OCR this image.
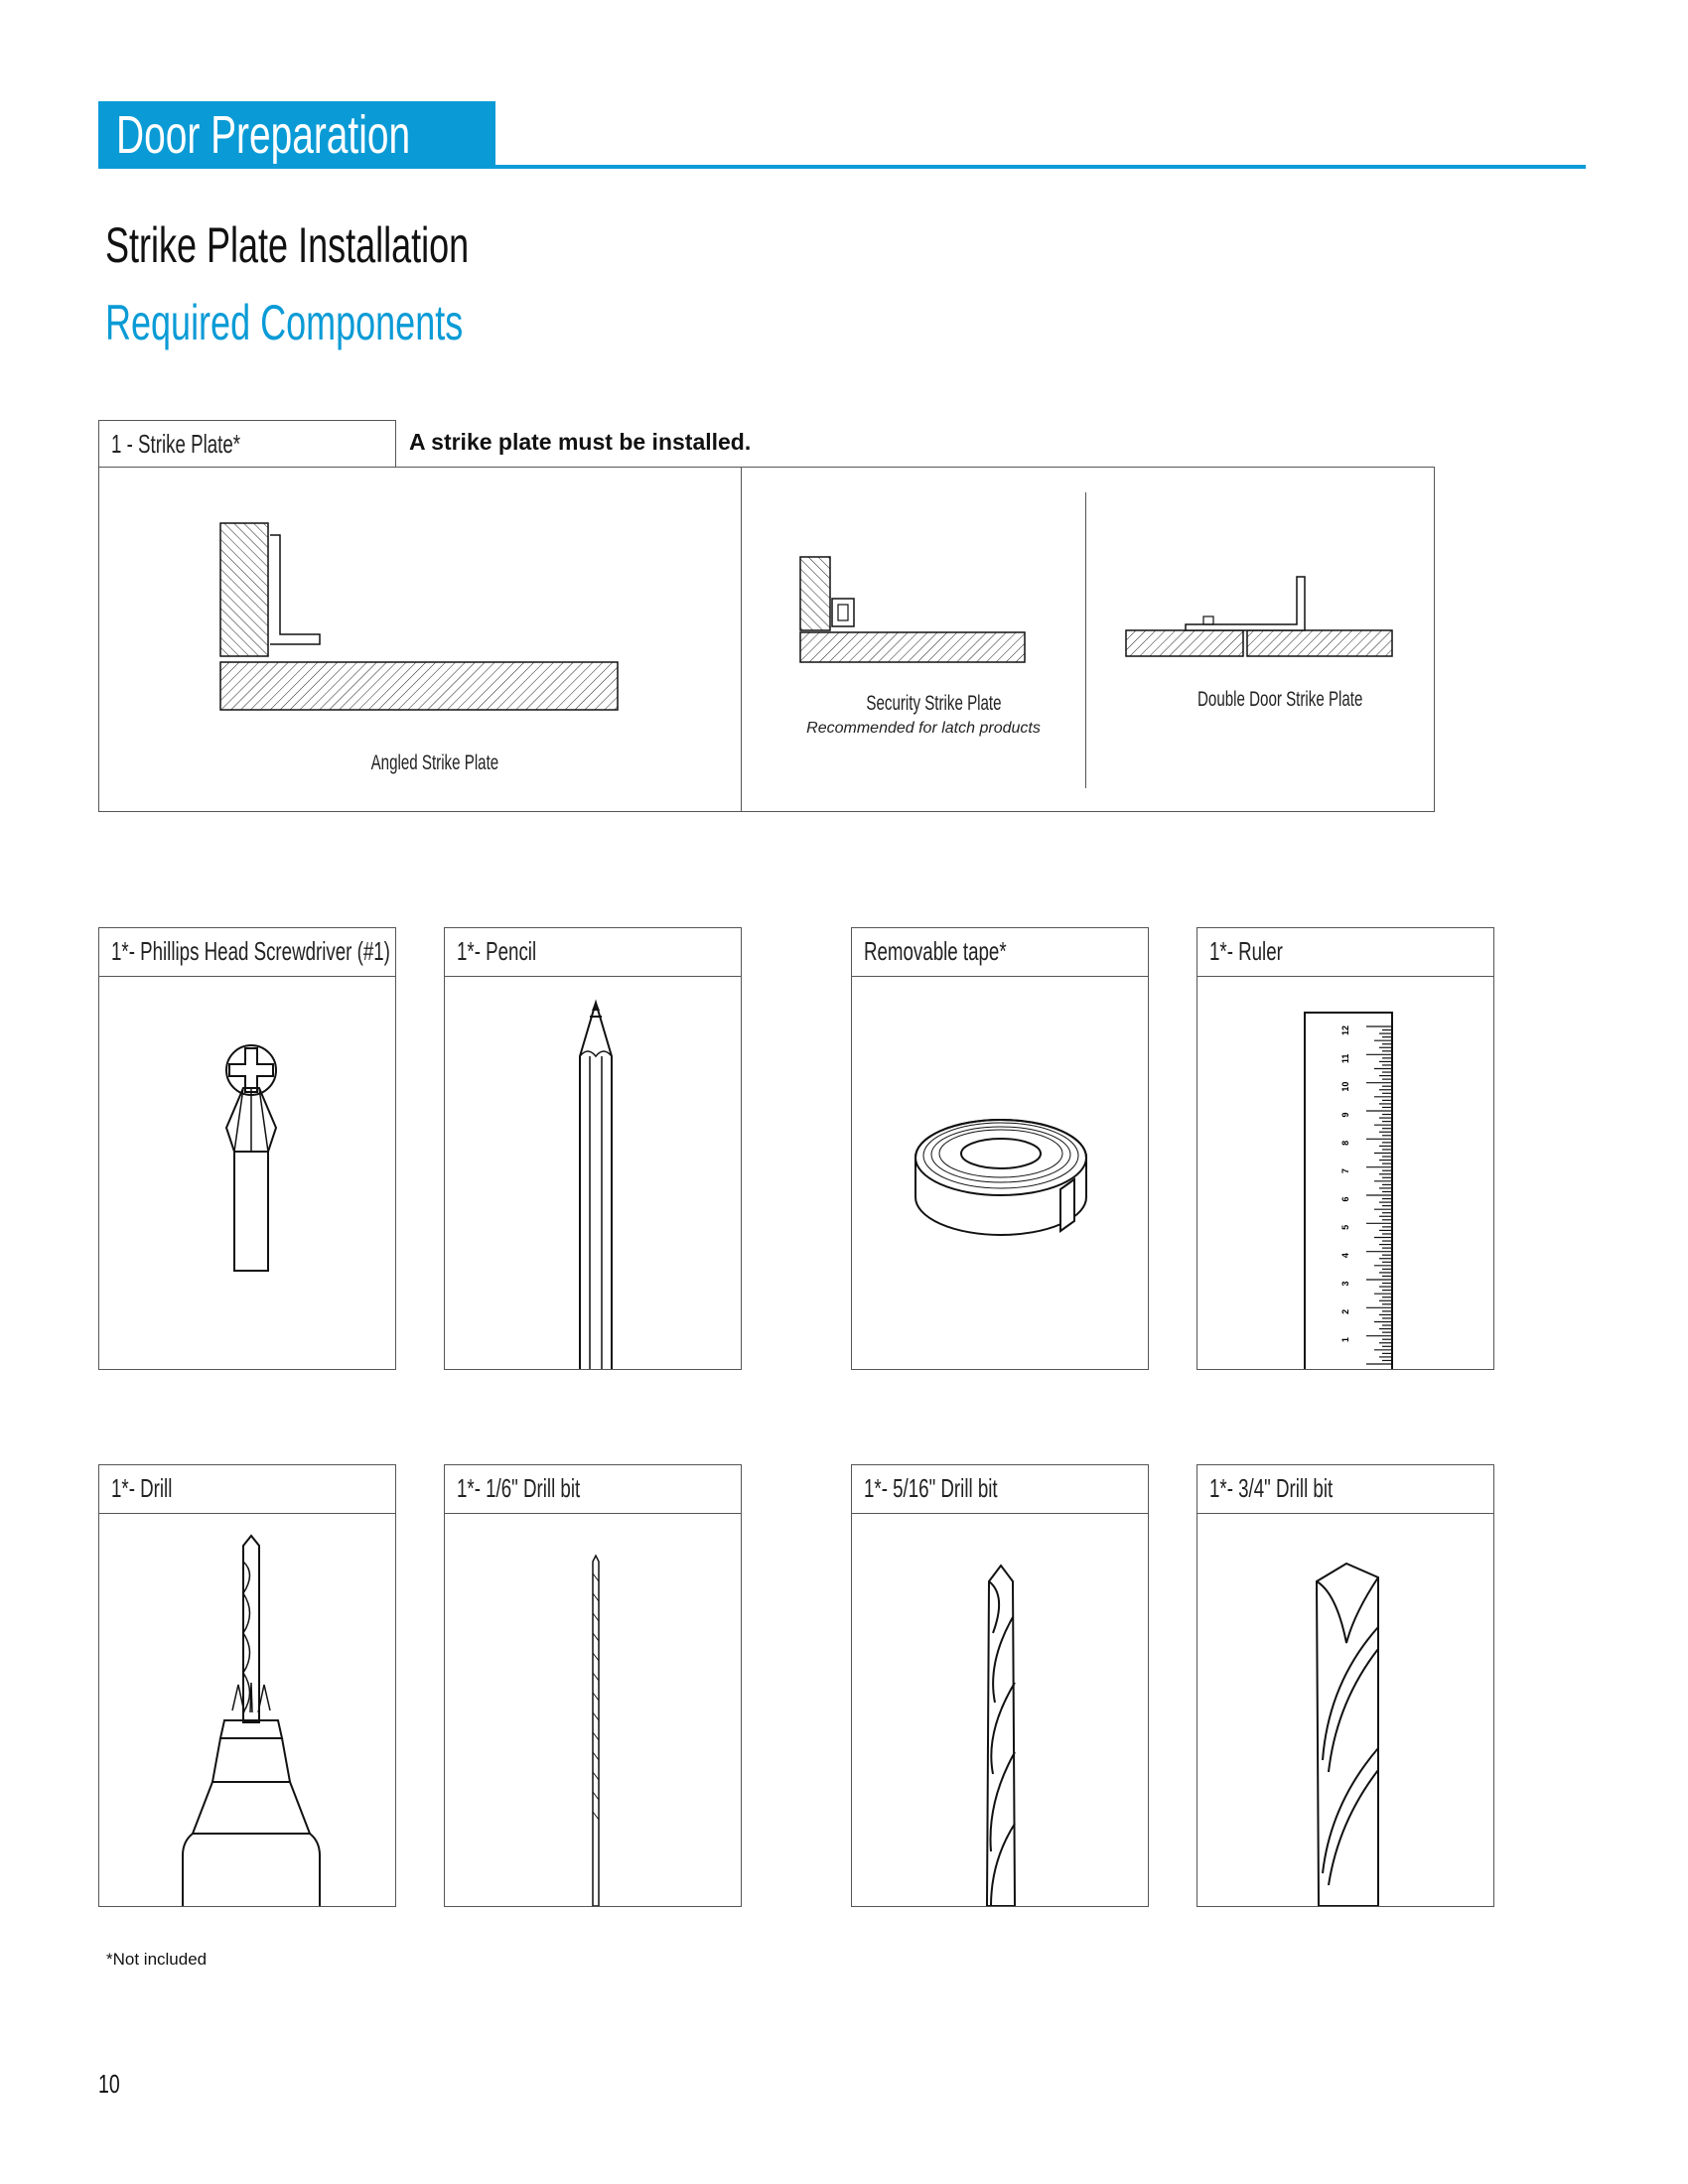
Door Preparation
Strike Plate Installation
Required Components
1 - Strike Plate*	A strike plate must be installed.
Angled Strike Plate
Security Strike Plate
Recommended for latch products
Double Door Strike Plate
1*- Phillips Head Screwdriver (#1)	1*- Pencil	Removable tape*	1*- Ruler
1
2
3
4
5
6
7
8
9
10
11
12
1*- Drill	1*- 1/6" Drill bit	1*- 5/16" Drill bit	1*- 3/4" Drill bit
*Not included
10
